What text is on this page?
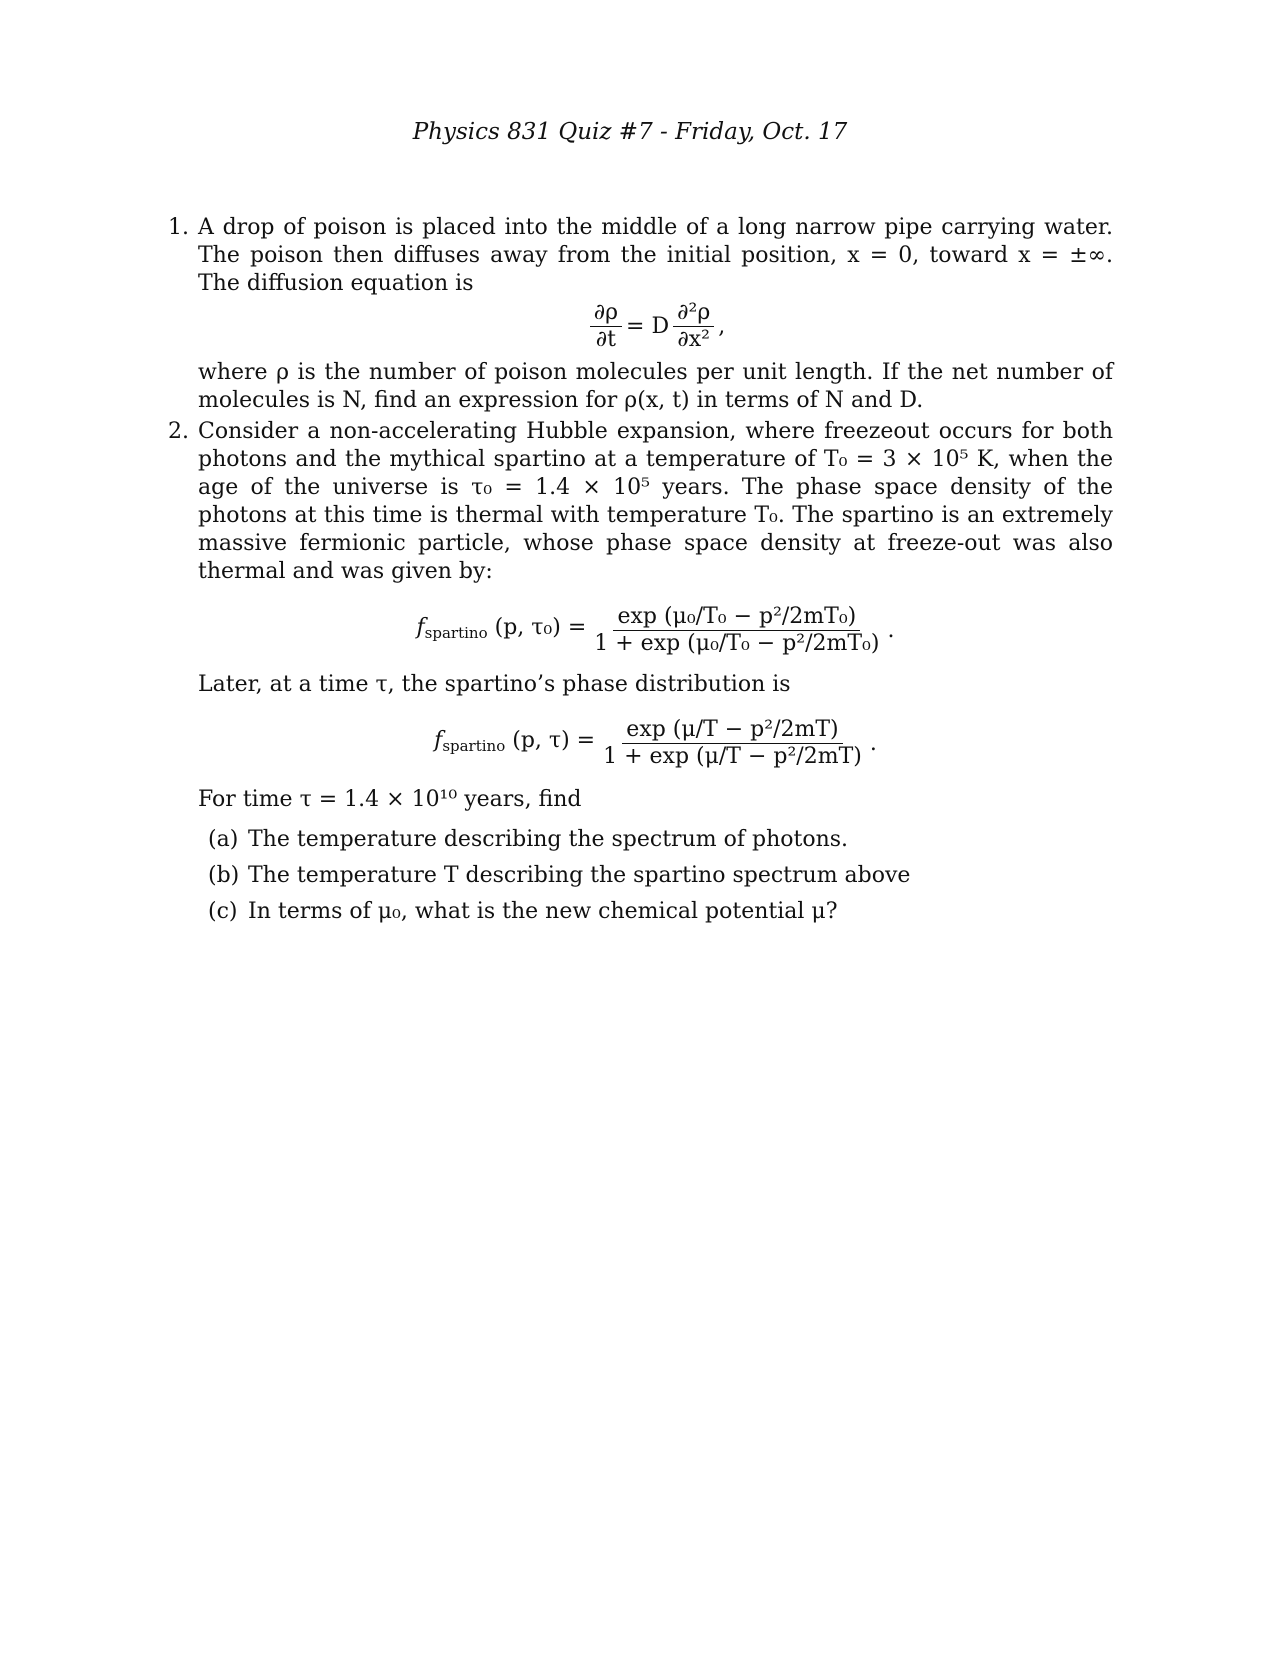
Physics 831 Quiz #7 - Friday, Oct. 17
1. A drop of poison is placed into the middle of a long narrow pipe carrying water. The poison then diffuses away from the initial position, x = 0, toward x = ±∞. The diffusion equation is

$\frac{\partial\rho}{\partial t} = D \frac{\text{∂²ρ}}{\text{∂x²}}$ ,

where ρ is the number of poison molecules per unit length. If the net number of molecules is N, find an expression for ρ(x, t) in terms of N and D.

2. Consider a non-accelerating Hubble expansion, where freezeout occurs for both photons and the mythical spartino at a temperature of T₀ = 3 × 10⁵ K, when the age of the universe is τ₀ = 1.4 × 10⁵ years. The phase space density of the photons at this time is thermal with temperature T₀. The spartino is an extremely massive fermionic particle, whose phase space density at freeze-out was also thermal and was given by:

$f_{spartino}$ (p, $\tau_0) = \frac{\text{exp (μ₀/T₀ − p²/2mT₀)}}{\text{1 + exp (μ₀/T₀ − p²/2mT₀)}}$ .

Later, at a time τ, the spartino’s phase distribution is

$f_{spartino}$ (p, $\tau) = \frac{\text{exp (μ/T − p²/2mT)}}{\text{1 + exp (μ/T − p²/2mT)}}$ .

For time τ = 1.4 × 10¹⁰ years, find

(a) The temperature describing the spectrum of photons.
(b) The temperature T describing the spartino spectrum above
(c) In terms of μ₀, what is the new chemical potential μ?
